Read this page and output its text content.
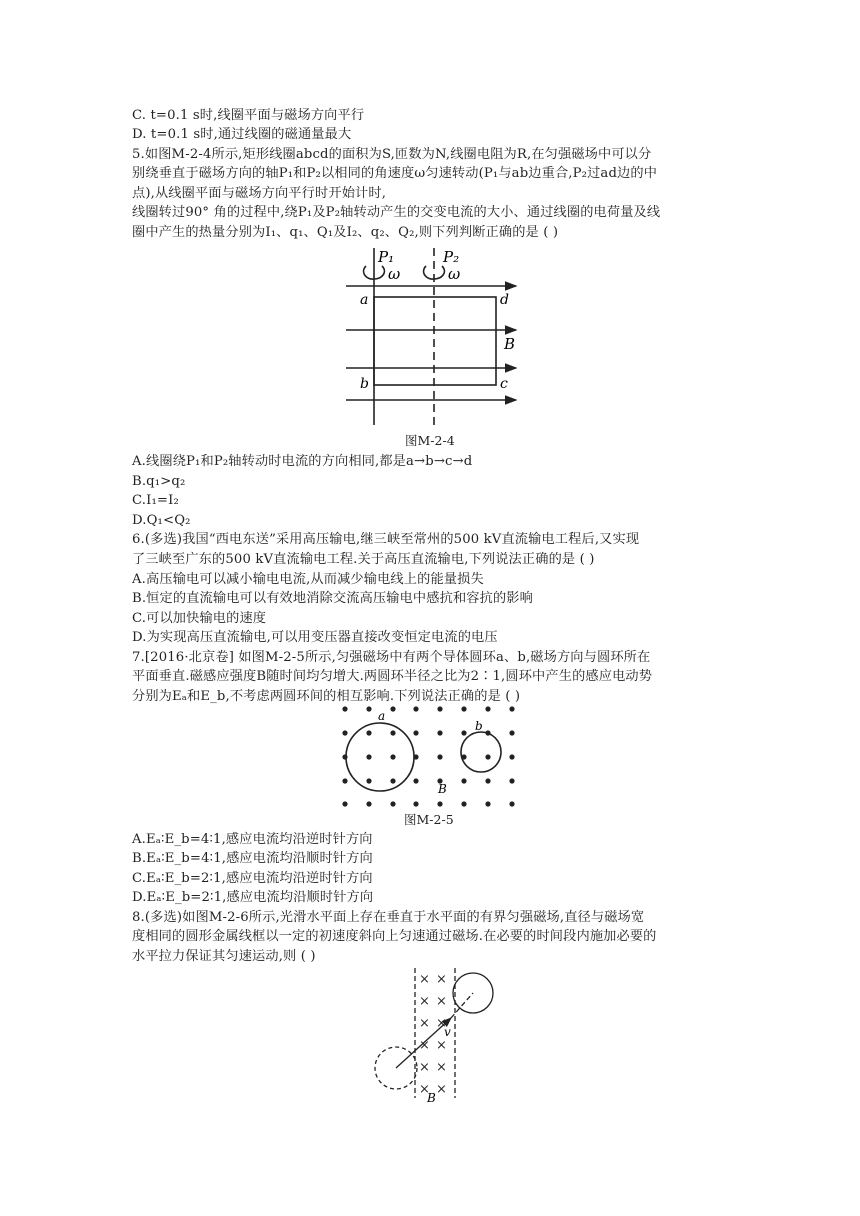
C. t=0.1 s时,线圈平面与磁场方向平行
D. t=0.1 s时,通过线圈的磁通量最大
5.如图M-2-4所示,矩形线圈abcd的面积为S,匝数为N,线圈电阻为R,在匀强磁场中可以分
别绕垂直于磁场方向的轴P₁和P₂以相同的角速度ω匀速转动(P₁与ab边重合,P₂过ad边的中
点),从线圈平面与磁场方向平行时开始计时,
线圈转过90° 角的过程中,绕P₁及P₂轴转动产生的交变电流的大小、通过线圈的电荷量及线
圈中产生的热量分别为I₁、q₁、Q₁及I₂、q₂、Q₂,则下列判断正确的是 ( )
P₁	P₂
ω	ω
a	d
b	c
B
图M-2-4
A.线圈绕P₁和P₂轴转动时电流的方向相同,都是a→b→c→d
B.q₁>q₂
C.I₁=I₂
D.Q₁<Q₂
6.(多选)我国“西电东送”采用高压输电,继三峡至常州的500 kV直流输电工程后,又实现
了三峡至广东的500 kV直流输电工程.关于高压直流输电,下列说法正确的是 ( )
A.高压输电可以减小输电电流,从而减少输电线上的能量损失
B.恒定的直流输电可以有效地消除交流高压输电中感抗和容抗的影响
C.可以加快输电的速度
D.为实现高压直流输电,可以用变压器直接改变恒定电流的电压
7.[2016·北京卷] 如图M-2-5所示,匀强磁场中有两个导体圆环a、b,磁场方向与圆环所在
平面垂直.磁感应强度B随时间均匀增大.两圆环半径之比为2∶1,圆环中产生的感应电动势
分别为Eₐ和E_b,不考虑两圆环间的相互影响.下列说法正确的是 ( )
a
b
B
图M-2-5
A.Eₐ∶E_b=4∶1,感应电流均沿逆时针方向
B.Eₐ∶E_b=4∶1,感应电流均沿顺时针方向
C.Eₐ∶E_b=2∶1,感应电流均沿逆时针方向
D.Eₐ∶E_b=2∶1,感应电流均沿顺时针方向
8.(多选)如图M-2-6所示,光滑水平面上存在垂直于水平面的有界匀强磁场,直径与磁场宽
度相同的圆形金属线框以一定的初速度斜向上匀速通过磁场.在必要的时间段内施加必要的
水平拉力保证其匀速运动,则 ( )
× ×
× ×
× ×
× ×
× ×
× ×
v
B
